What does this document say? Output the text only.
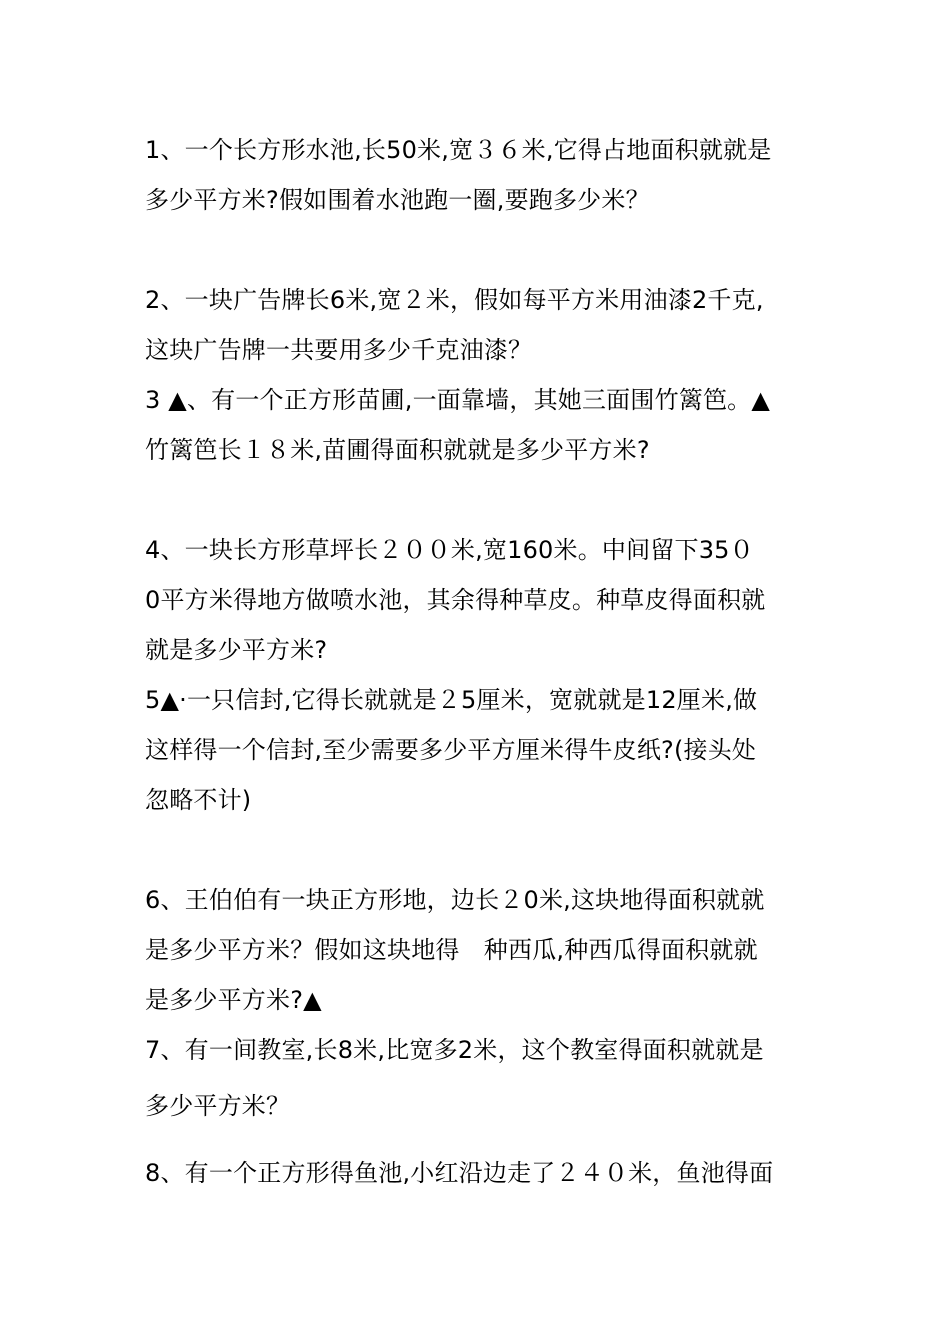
1、一个长方形水池,长50米,宽３６米,它得占地面积就就是
多少平方米?假如围着水池跑一圈,要跑多少米？
2、一块广告牌长6米,宽２米，假如每平方米用油漆2千克,
这块广告牌一共要用多少千克油漆？
3 ▲、有一个正方形苗圃,一面靠墙，其她三面围竹篱笆。▲
竹篱笆长１８米,苗圃得面积就就是多少平方米?
4、一块长方形草坪长２００米,宽160米。中间留下35０
0平方米得地方做喷水池，其余得种草皮。种草皮得面积就
就是多少平方米?
5▲·一只信封,它得长就就是２5厘米，宽就就是12厘米,做
这样得一个信封,至少需要多少平方厘米得牛皮纸?(接头处
忽略不计)
6、王伯伯有一块正方形地，边长２0米,这块地得面积就就
是多少平方米？假如这块地得　种西瓜,种西瓜得面积就就
是多少平方米?▲
7、有一间教室,长8米,比宽多2米，这个教室得面积就就是
多少平方米？
8、有一个正方形得鱼池,小红沿边走了２４０米，鱼池得面
